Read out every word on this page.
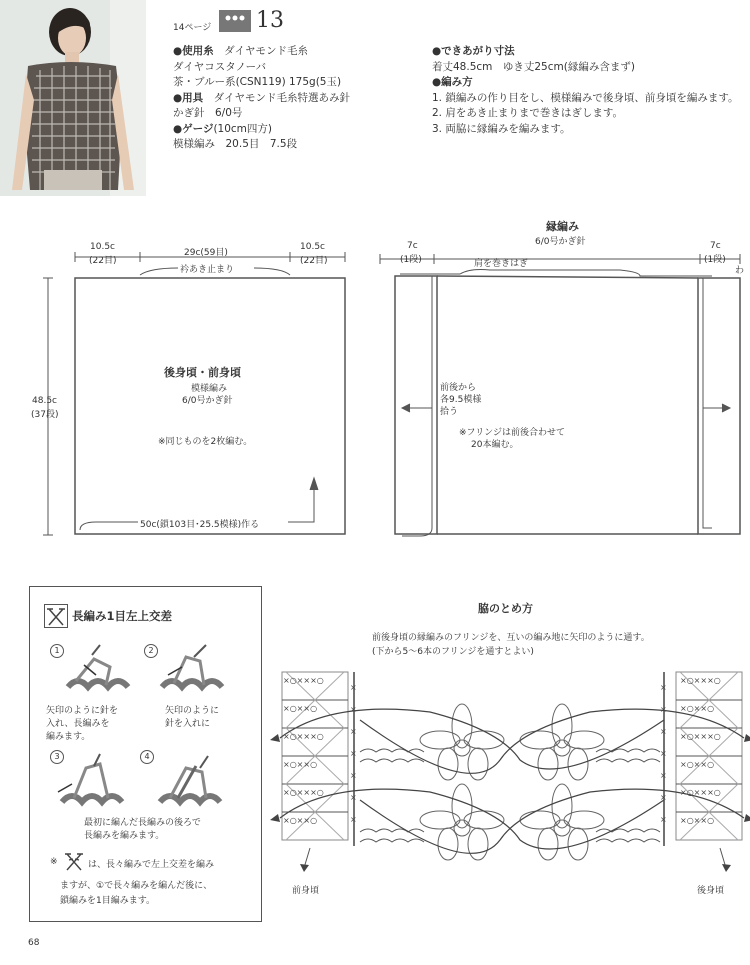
14ページ 13
●使用糸　 ダイヤモンド毛糸
ダイヤコスタノーバ
茶・ブルー系(CSN119) 175g(5玉)
●用具　 ダイヤモンド毛糸特選あみ針
かぎ針　6/0号
●ゲージ(10cm四方)
模様編み　20.5目　7.5段
●できあがり寸法
着丈48.5cm　ゆき丈25cm(縁編み含まず)
●編み方
1. 鎖編みの作り目をし、模様編みで後身頃、前身頃を編みます。
2. 肩をあき止まりまで巻きはぎします。
3. 両脇に縁編みを編みます。
10.5c
(22目)
29c(59目)
10.5c
(22目)
衿あき止まり
48.5c
(37段)
後身頃・前身頃
模様編み
6/0号かぎ針
※同じものを2枚編む。
50c(鎖103目･25.5模様)作る
縁編み
6/0号かぎ針
7c
(1段)
7c
(1段)
わ
肩を巻きはぎ
前後から
各9.5模様
拾う
※フリンジは前後合わせて
20本編む。
長編み1目左上交差
1
矢印のように針を
入れ、長編みを
編みます。
2
矢印のように
針を入れに
3	4
最初に編んだ長編みの後ろで
長編みを編みます。
※	は、長々編みで左上交差を編み
ますが、①で長々編みを編んだ後に、
鎖編みを1目編みます。
脇のとめ方
前後身頃の縁編みのフリンジを、互いの編み地に矢印のように通す。
(下から5～6本のフリンジを通すとよい)
×○×××○
×○××○
×○×××○
×○××○
×○×××○
×○××○
×
×
×
×
×
×
×
×
×
×
×
×
×
×
×○×××○
×○××○
×○×××○
×○××○
×○×××○
×○××○
前身頃	後身頃
68
